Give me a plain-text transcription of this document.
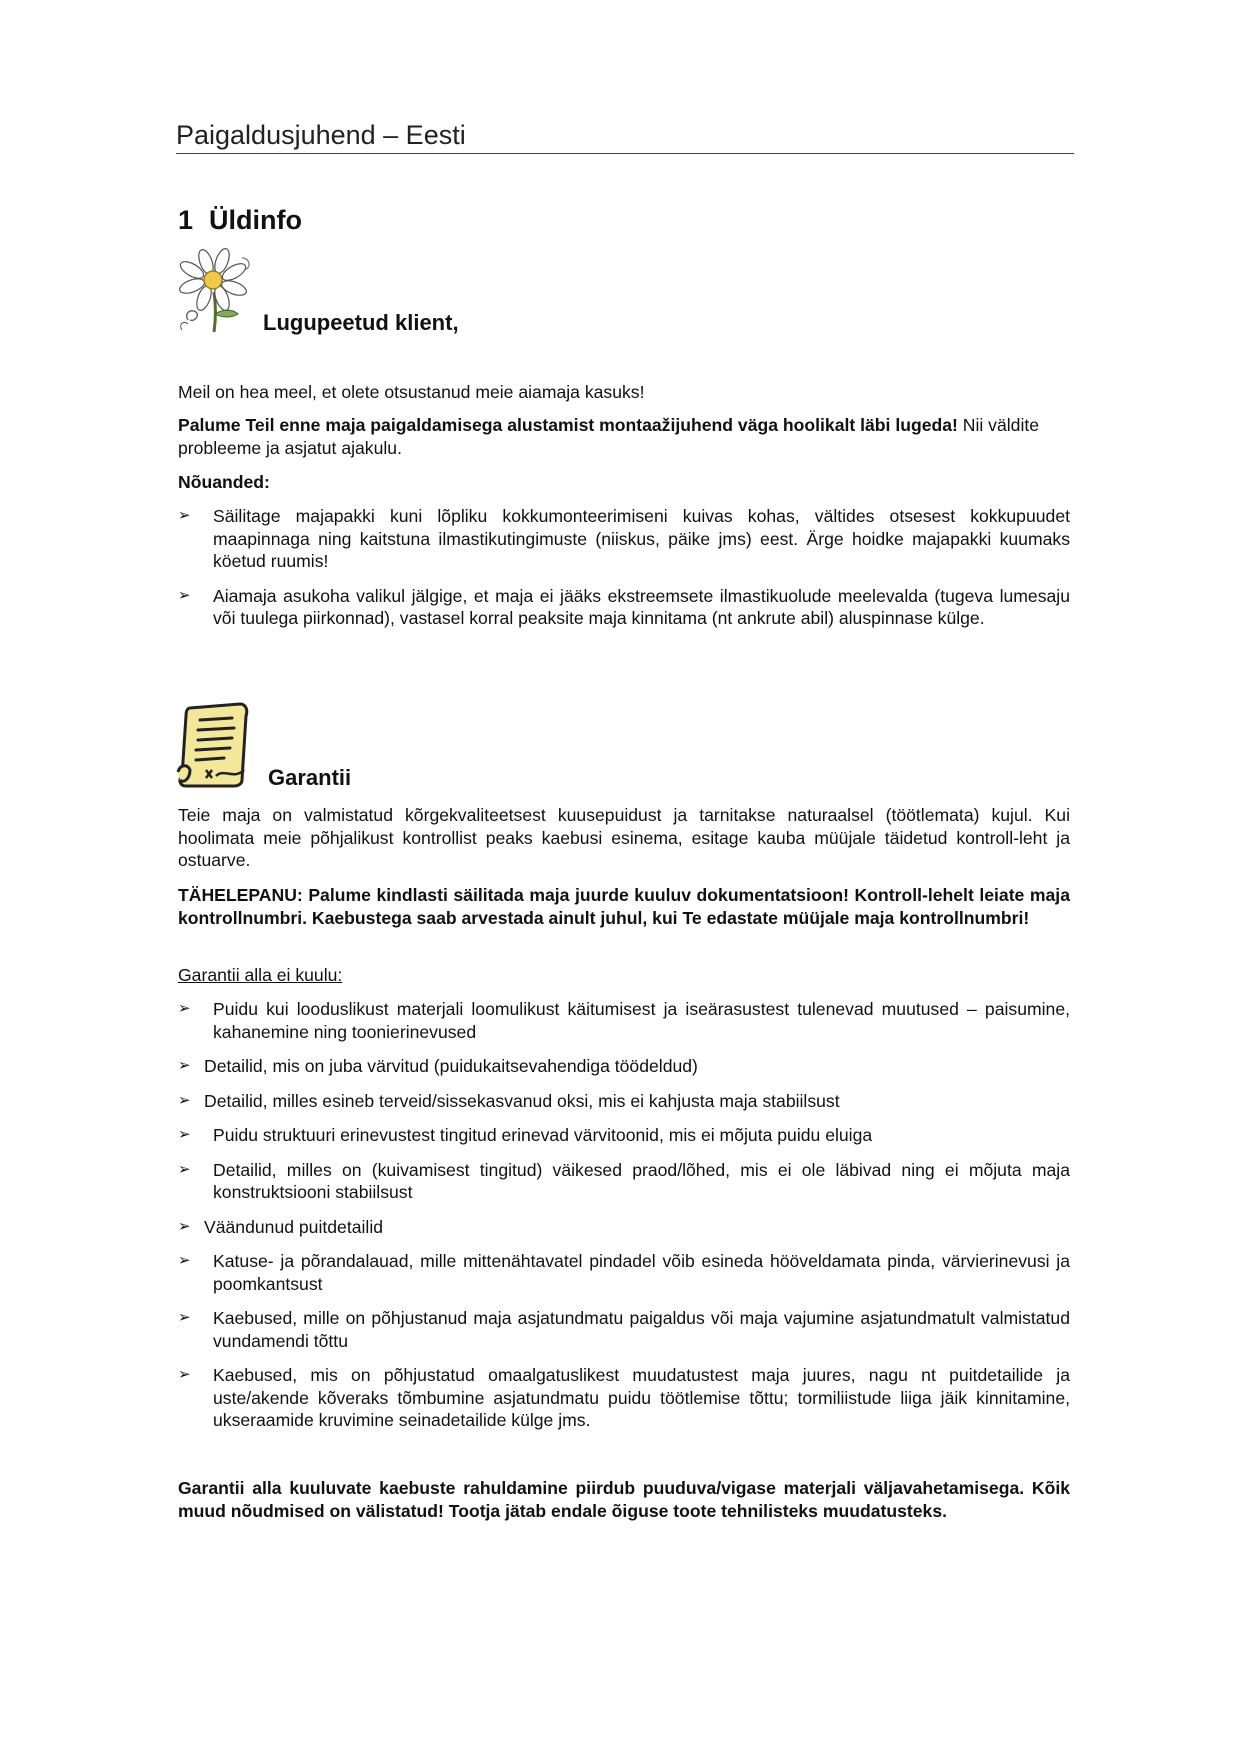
Paigaldusjuhend – Eesti
1 Üldinfo
Lugupeetud klient,
Meil on hea meel, et olete otsustanud meie aiamaja kasuks!
Palume Teil enne maja paigaldamisega alustamist montaažijuhend väga hoolikalt läbi lugeda! Nii väldite probleeme ja asjatut ajakulu.
Nõuanded:
➢ Säilitage majapakki kuni lõpliku kokkumonteerimiseni kuivas kohas, vältides otsesest kokkupuudet maapinnaga ning kaitstuna ilmastikutingimuste (niiskus, päike jms) eest. Ärge hoidke majapakki kuumaks köetud ruumis!
➢ Aiamaja asukoha valikul jälgige, et maja ei jääks ekstreemsete ilmastikuolude meelevalda (tugeva lumesaju või tuulega piirkonnad), vastasel korral peaksite maja kinnitama (nt ankrute abil) aluspinnase külge.
Garantii
Teie maja on valmistatud kõrgekvaliteetsest kuusepuidust ja tarnitakse naturaalsel (töötlemata) kujul. Kui hoolimata meie põhjalikust kontrollist peaks kaebusi esinema, esitage kauba müüjale täidetud kontroll-leht ja ostuarve.
TÄHELEPANU: Palume kindlasti säilitada maja juurde kuuluv dokumentatsioon! Kontroll-lehelt leiate maja kontrollnumbri. Kaebustega saab arvestada ainult juhul, kui Te edastate müüjale maja kontrollnumbri!
Garantii alla ei kuulu:
➢ Puidu kui looduslikust materjali loomulikust käitumisest ja iseärasustest tulenevad muutused – paisumine, kahanemine ning toonierinevused
➢ Detailid, mis on juba värvitud (puidukaitsevahendiga töödeldud)
➢ Detailid, milles esineb terveid/sissekasvanud oksi, mis ei kahjusta maja stabiilsust
➢ Puidu struktuuri erinevustest tingitud erinevad värvitoonid, mis ei mõjuta puidu eluiga
➢ Detailid, milles on (kuivamisest tingitud) väikesed praod/lõhed, mis ei ole läbivad ning ei mõjuta maja konstruktsiooni stabiilsust
➢ Väändunud puitdetailid
➢ Katuse- ja põrandalauad, mille mittenähtavatel pindadel võib esineda hööveldamata pinda, värvierinevusi ja poomkantsust
➢ Kaebused, mille on põhjustanud maja asjatundmatu paigaldus või maja vajumine asjatundmatult valmistatud vundamendi tõttu
➢ Kaebused, mis on põhjustatud omaalgatuslikest muudatustest maja juures, nagu nt puitdetailide ja uste/akende kõveraks tõmbumine asjatundmatu puidu töötlemise tõttu; tormiliistude liiga jäik kinnitamine, ukseraamide kruvimine seinadetailide külge jms.
Garantii alla kuuluvate kaebuste rahuldamine piirdub puuduva/vigase materjali väljavahetamisega. Kõik muud nõudmised on välistatud! Tootja jätab endale õiguse toote tehnilisteks muudatusteks.
